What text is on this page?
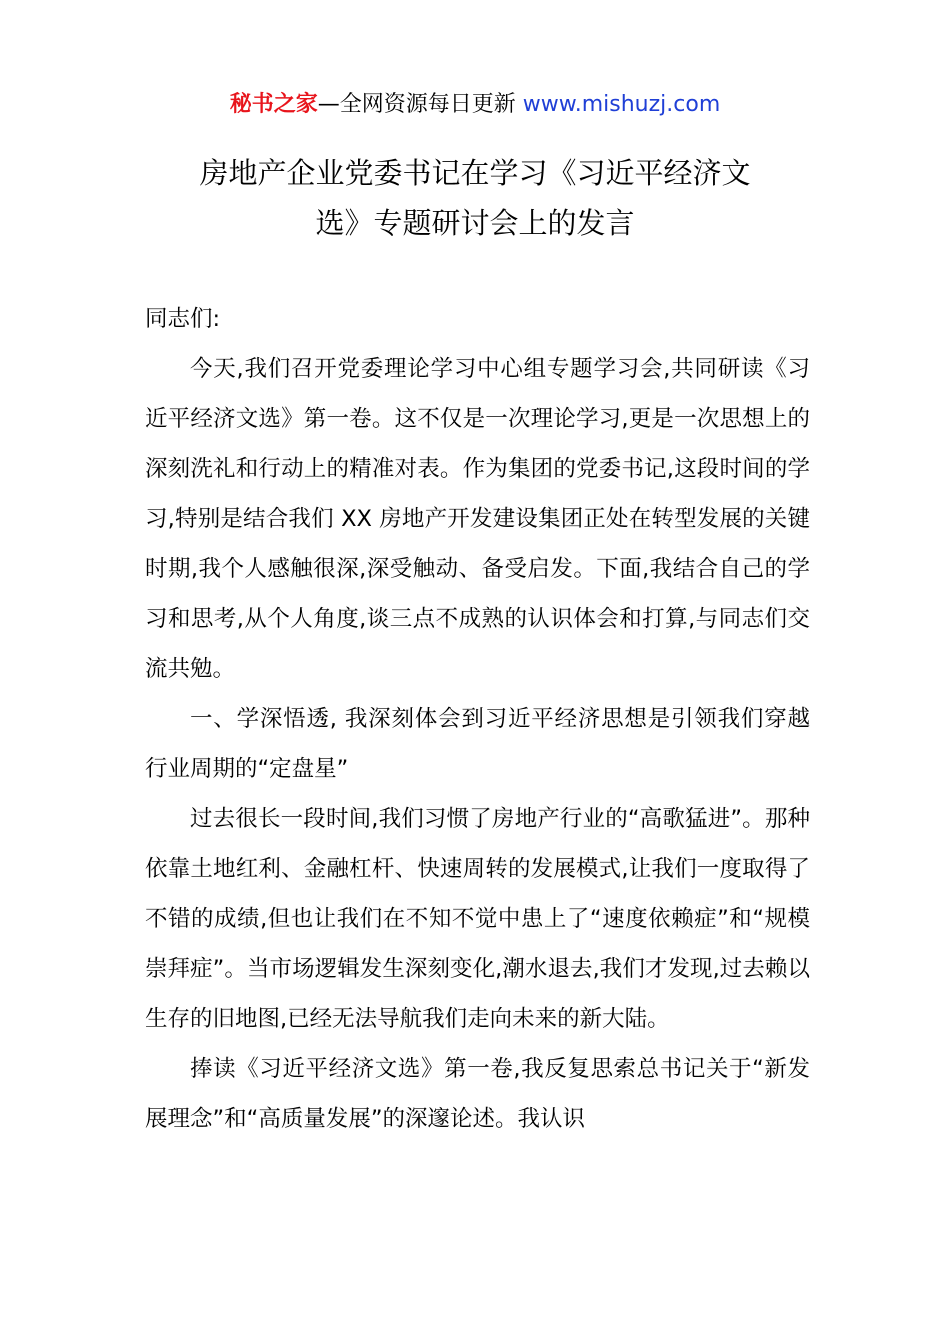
秘书之家—全网资源每日更新 www.mishuzj.com
房地产企业党委书记在学习《习近平经济文
选》专题研讨会上的发言

同志们:

今天,我们召开党委理论学习中心组专题学习会,共同研读《习近平经济文选》第一卷。这不仅是一次理论学习,更是一次思想上的深刻洗礼和行动上的精准对表。作为集团的党委书记,这段时间的学习,特别是结合我们 XX 房地产开发建设集团正处在转型发展的关键时期,我个人感触很深,深受触动、备受启发。下面,我结合自己的学习和思考,从个人角度,谈三点不成熟的认识体会和打算,与同志们交流共勉。

一、学深悟透, 我深刻体会到习近平经济思想是引领我们穿越行业周期的“定盘星”

过去很长一段时间,我们习惯了房地产行业的“高歌猛进”。那种依靠土地红利、金融杠杆、快速周转的发展模式,让我们一度取得了不错的成绩,但也让我们在不知不觉中患上了“速度依赖症”和“规模崇拜症”。当市场逻辑发生深刻变化,潮水退去,我们才发现,过去赖以生存的旧地图,已经无法导航我们走向未来的新大陆。

捧读《习近平经济文选》第一卷,我反复思索总书记关于“新发展理念”和“高质量发展”的深邃论述。我认识
